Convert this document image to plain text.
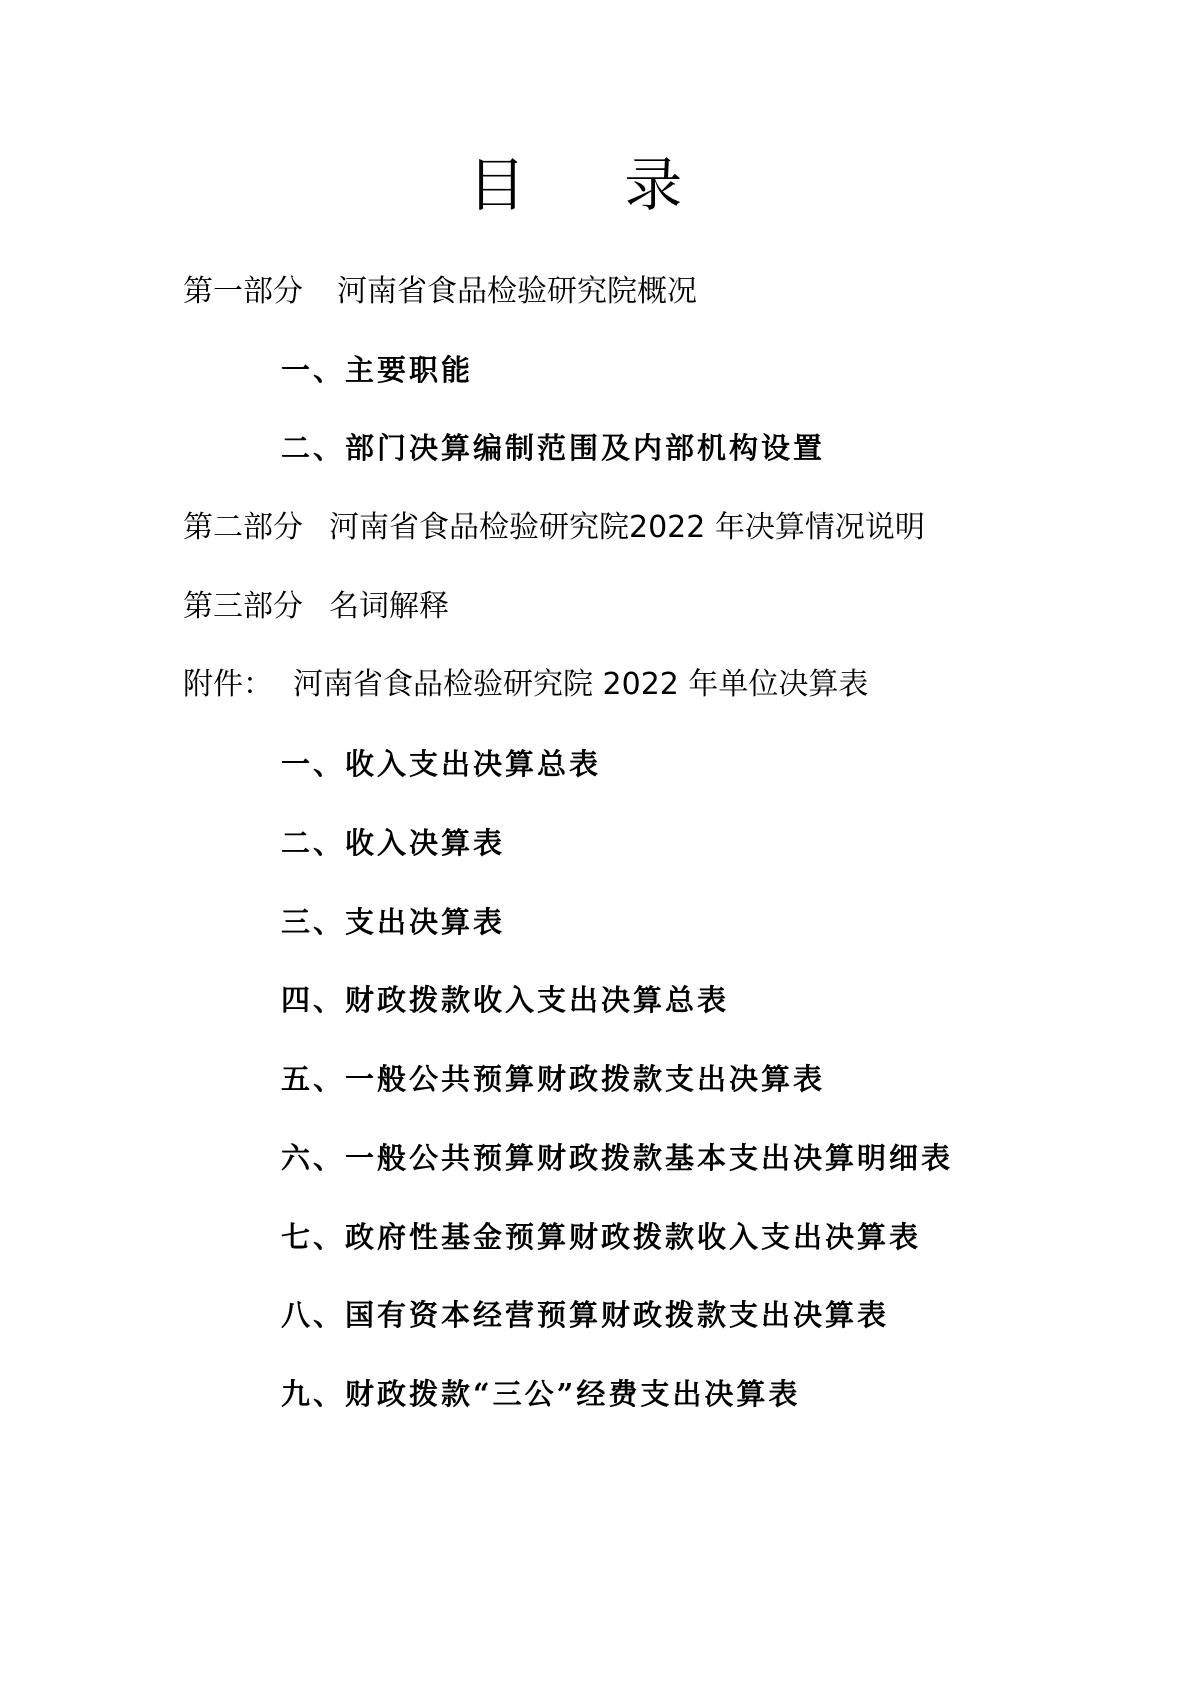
目 录
第一部分 河南省食品检验研究院概况
一、主要职能
二、部门决算编制范围及内部机构设置
第二部分 河南省食品检验研究院2022 年决算情况说明
第三部分 名词解释
附件： 河南省食品检验研究院 2022 年单位决算表
一、收入支出决算总表
二、收入决算表
三、支出决算表
四、财政拨款收入支出决算总表
五、一般公共预算财政拨款支出决算表
六、一般公共预算财政拨款基本支出决算明细表
七、政府性基金预算财政拨款收入支出决算表
八、国有资本经营预算财政拨款支出决算表
九、财政拨款“三公”经费支出决算表
